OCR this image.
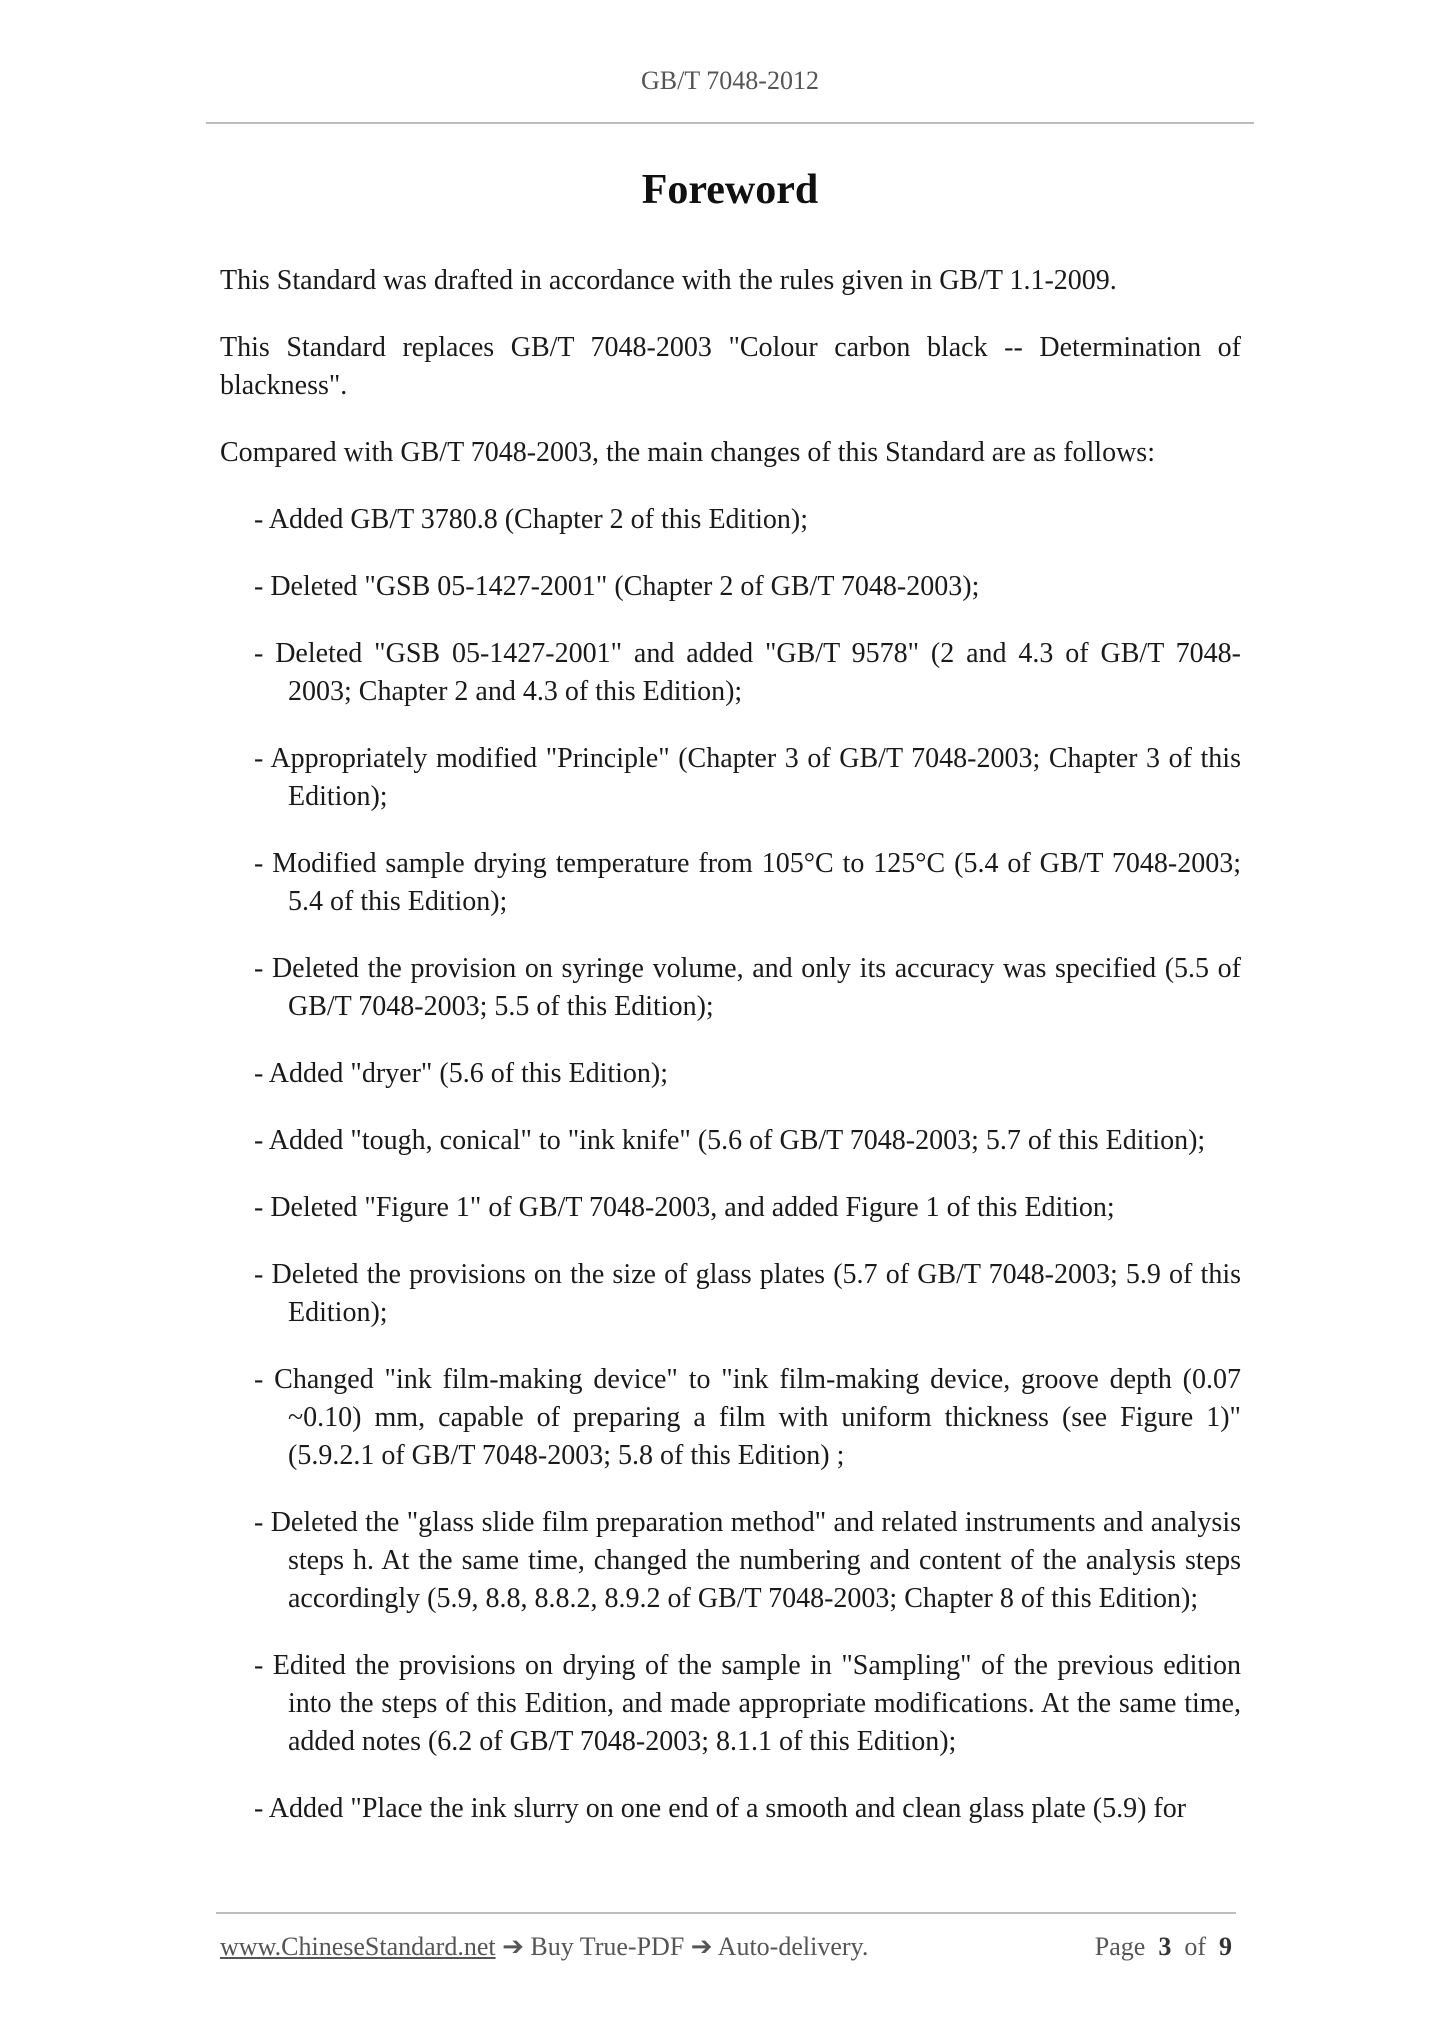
GB/T 7048-2012
Foreword

This Standard was drafted in accordance with the rules given in GB/T 1.1-2009.

This Standard replaces GB/T 7048-2003 "Colour carbon black -- Determination of blackness".

Compared with GB/T 7048-2003, the main changes of this Standard are as follows:

- Added GB/T 3780.8 (Chapter 2 of this Edition);
- Deleted "GSB 05-1427-2001" (Chapter 2 of GB/T 7048-2003);
- Deleted "GSB 05-1427-2001" and added "GB/T 9578" (2 and 4.3 of GB/T 7048-2003; Chapter 2 and 4.3 of this Edition);
- Appropriately modified "Principle" (Chapter 3 of GB/T 7048-2003; Chapter 3 of this Edition);
- Modified sample drying temperature from 105°C to 125°C (5.4 of GB/T 7048-2003; 5.4 of this Edition);
- Deleted the provision on syringe volume, and only its accuracy was specified (5.5 of GB/T 7048-2003; 5.5 of this Edition);
- Added "dryer" (5.6 of this Edition);
- Added "tough, conical" to "ink knife" (5.6 of GB/T 7048-2003; 5.7 of this Edition);
- Deleted "Figure 1" of GB/T 7048-2003, and added Figure 1 of this Edition;
- Deleted the provisions on the size of glass plates (5.7 of GB/T 7048-2003; 5.9 of this Edition);
- Changed "ink film-making device" to "ink film-making device, groove depth (0.07 ~0.10) mm, capable of preparing a film with uniform thickness (see Figure 1)" (5.9.2.1 of GB/T 7048-2003; 5.8 of this Edition) ;
- Deleted the "glass slide film preparation method" and related instruments and analysis steps h. At the same time, changed the numbering and content of the analysis steps accordingly (5.9, 8.8, 8.8.2, 8.9.2 of GB/T 7048-2003; Chapter 8 of this Edition);
- Edited the provisions on drying of the sample in "Sampling" of the previous edition into the steps of this Edition, and made appropriate modifications. At the same time, added notes (6.2 of GB/T 7048-2003; 8.1.1 of this Edition);
- Added "Place the ink slurry on one end of a smooth and clean glass plate (5.9) for
www.ChineseStandard.net ➔ Buy True-PDF ➔ Auto-delivery.	Page 3 of 9
